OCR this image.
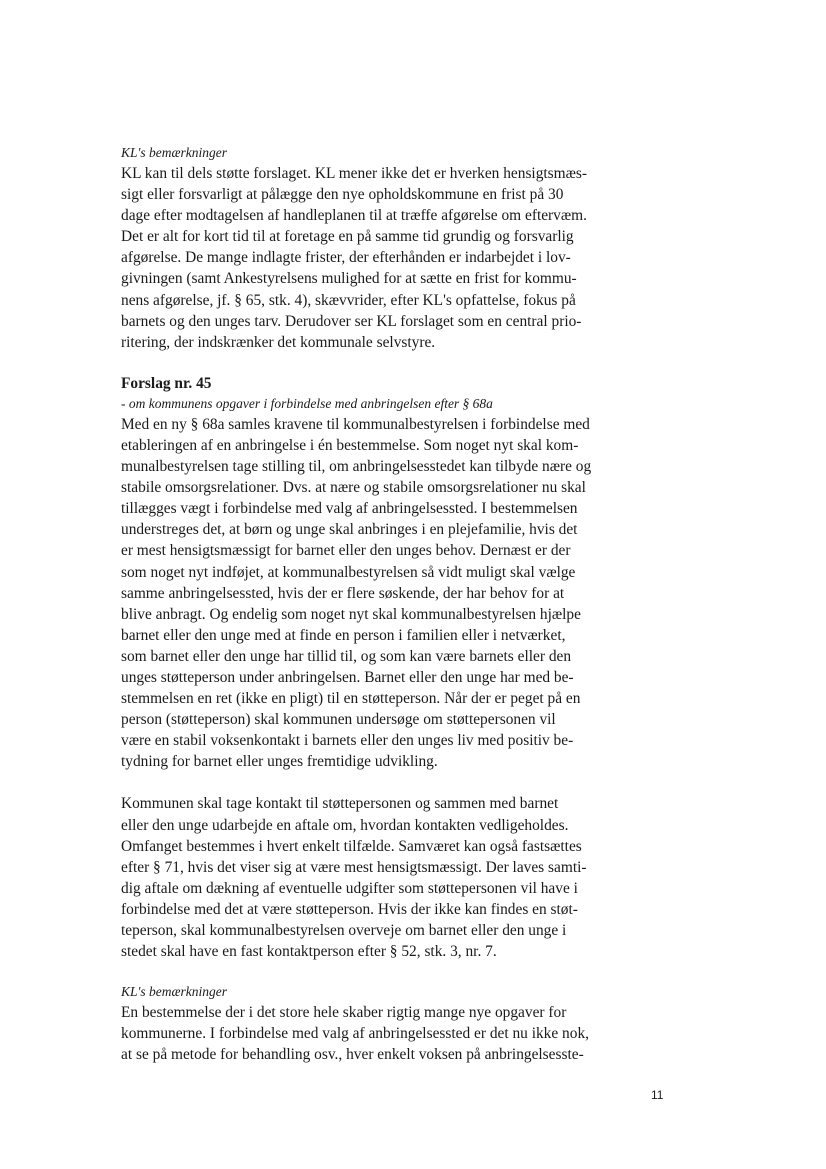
KL's bemærkninger
KL kan til dels støtte forslaget. KL mener ikke det er hverken hensigtsmæs-
sigt eller forsvarligt at pålægge den nye opholdskommune en frist på 30
dage efter modtagelsen af handleplanen til at træffe afgørelse om eftervæm.
Det er alt for kort tid til at foretage en på samme tid grundig og forsvarlig
afgørelse. De mange indlagte frister, der efterhånden er indarbejdet i lov-
givningen (samt Ankestyrelsens mulighed for at sætte en frist for kommu-
nens afgørelse, jf. § 65, stk. 4), skævvrider, efter KL's opfattelse, fokus på
barnets og den unges tarv. Derudover ser KL forslaget som en central prio-
ritering, der indskrænker det kommunale selvstyre.
Forslag nr. 45
- om kommunens opgaver i forbindelse med anbringelsen efter § 68a
Med en ny § 68a samles kravene til kommunalbestyrelsen i forbindelse med
etableringen af en anbringelse i én bestemmelse. Som noget nyt skal kom-
munalbestyrelsen tage stilling til, om anbringelsesstedet kan tilbyde nære og
stabile omsorgsrelationer. Dvs. at nære og stabile omsorgsrelationer nu skal
tillægges vægt i forbindelse med valg af anbringelsessted. I bestemmelsen
understreges det, at børn og unge skal anbringes i en plejefamilie, hvis det
er mest hensigtsmæssigt for barnet eller den unges behov. Dernæst er der
som noget nyt indføjet, at kommunalbestyrelsen så vidt muligt skal vælge
samme anbringelsessted, hvis der er flere søskende, der har behov for at
blive anbragt. Og endelig som noget nyt skal kommunalbestyrelsen hjælpe
barnet eller den unge med at finde en person i familien eller i netværket,
som barnet eller den unge har tillid til, og som kan være barnets eller den
unges støtteperson under anbringelsen. Barnet eller den unge har med be-
stemmelsen en ret (ikke en pligt) til en støtteperson. Når der er peget på en
person (støtteperson) skal kommunen undersøge om støttepersonen vil
være en stabil voksenkontakt i barnets eller den unges liv med positiv be-
tydning for barnet eller unges fremtidige udvikling.
Kommunen skal tage kontakt til støttepersonen og sammen med barnet
eller den unge udarbejde en aftale om, hvordan kontakten vedligeholdes.
Omfanget bestemmes i hvert enkelt tilfælde. Samværet kan også fastsættes
efter § 71, hvis det viser sig at være mest hensigtsmæssigt. Der laves samti-
dig aftale om dækning af eventuelle udgifter som støttepersonen vil have i
forbindelse med det at være støtteperson. Hvis der ikke kan findes en støt-
teperson, skal kommunalbestyrelsen overveje om barnet eller den unge i
stedet skal have en fast kontaktperson efter § 52, stk. 3, nr. 7.
KL's bemærkninger
En bestemmelse der i det store hele skaber rigtig mange nye opgaver for
kommunerne. I forbindelse med valg af anbringelsessted er det nu ikke nok,
at se på metode for behandling osv., hver enkelt voksen på anbringelsesste-
11
